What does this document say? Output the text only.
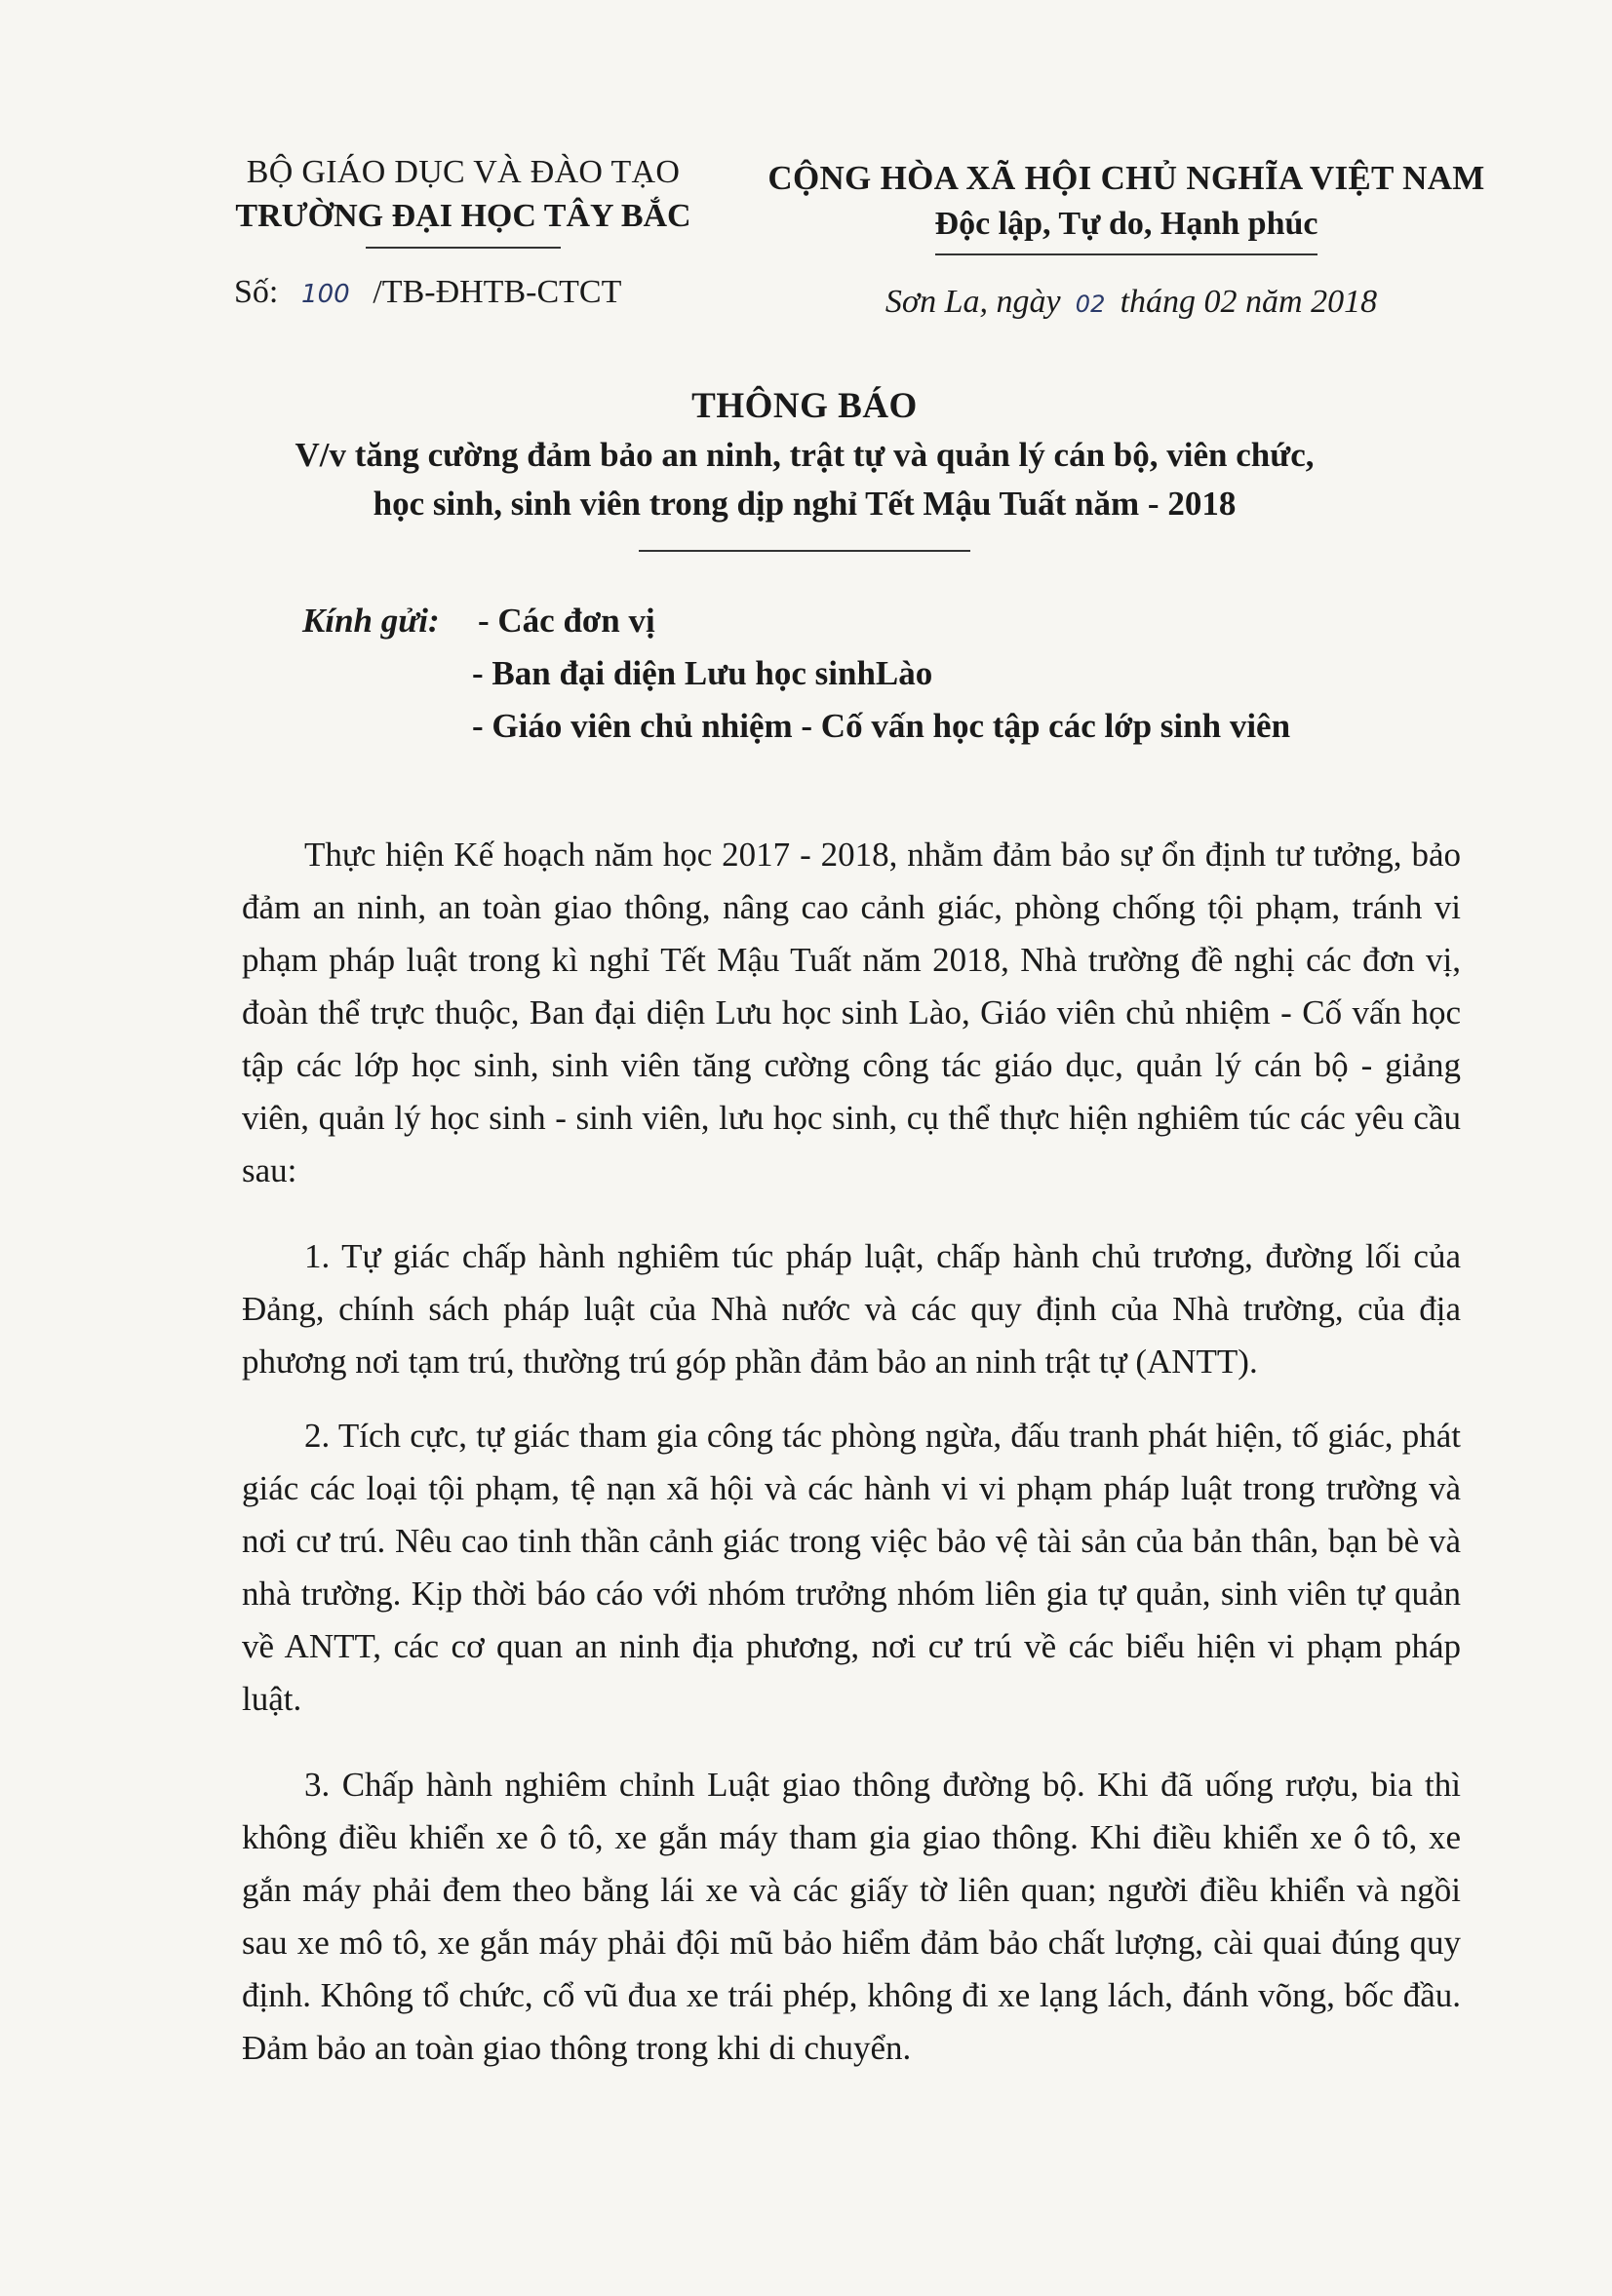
BỘ GIÁO DỤC VÀ ĐÀO TẠO
TRƯỜNG ĐẠI HỌC TÂY BẮC
CỘNG HÒA XÃ HỘI CHỦ NGHĨA VIỆT NAM
Độc lập, Tự do, Hạnh phúc
Số: 100 /TB-ĐHTB-CTCT	Sơn La, ngày 02 tháng 02 năm 2018
THÔNG BÁO
V/v tăng cường đảm bảo an ninh, trật tự và quản lý cán bộ, viên chức,
học sinh, sinh viên trong dịp nghỉ Tết Mậu Tuất năm - 2018
Kính gửi: - Các đơn vị
- Ban đại diện Lưu học sinhLào
- Giáo viên chủ nhiệm - Cố vấn học tập các lớp sinh viên

Thực hiện Kế hoạch năm học 2017 - 2018, nhằm đảm bảo sự ổn định tư tưởng, bảo đảm an ninh, an toàn giao thông, nâng cao cảnh giác, phòng chống tội phạm, tránh vi phạm pháp luật trong kì nghỉ Tết Mậu Tuất năm 2018, Nhà trường đề nghị các đơn vị, đoàn thể trực thuộc, Ban đại diện Lưu học sinh Lào, Giáo viên chủ nhiệm - Cố vấn học tập các lớp học sinh, sinh viên tăng cường công tác giáo dục, quản lý cán bộ - giảng viên, quản lý học sinh - sinh viên, lưu học sinh, cụ thể thực hiện nghiêm túc các yêu cầu sau:

1. Tự giác chấp hành nghiêm túc pháp luật, chấp hành chủ trương, đường lối của Đảng, chính sách pháp luật của Nhà nước và các quy định của Nhà trường, của địa phương nơi tạm trú, thường trú góp phần đảm bảo an ninh trật tự (ANTT).

2. Tích cực, tự giác tham gia công tác phòng ngừa, đấu tranh phát hiện, tố giác, phát giác các loại tội phạm, tệ nạn xã hội và các hành vi vi phạm pháp luật trong trường và nơi cư trú. Nêu cao tinh thần cảnh giác trong việc bảo vệ tài sản của bản thân, bạn bè và nhà trường. Kịp thời báo cáo với nhóm trưởng nhóm liên gia tự quản, sinh viên tự quản về ANTT, các cơ quan an ninh địa phương, nơi cư trú về các biểu hiện vi phạm pháp luật.

3. Chấp hành nghiêm chỉnh Luật giao thông đường bộ. Khi đã uống rượu, bia thì không điều khiển xe ô tô, xe gắn máy tham gia giao thông. Khi điều khiển xe ô tô, xe gắn máy phải đem theo bằng lái xe và các giấy tờ liên quan; người điều khiển và ngồi sau xe mô tô, xe gắn máy phải đội mũ bảo hiểm đảm bảo chất lượng, cài quai đúng quy định. Không tổ chức, cổ vũ đua xe trái phép, không đi xe lạng lách, đánh võng, bốc đầu. Đảm bảo an toàn giao thông trong khi di chuyển.
